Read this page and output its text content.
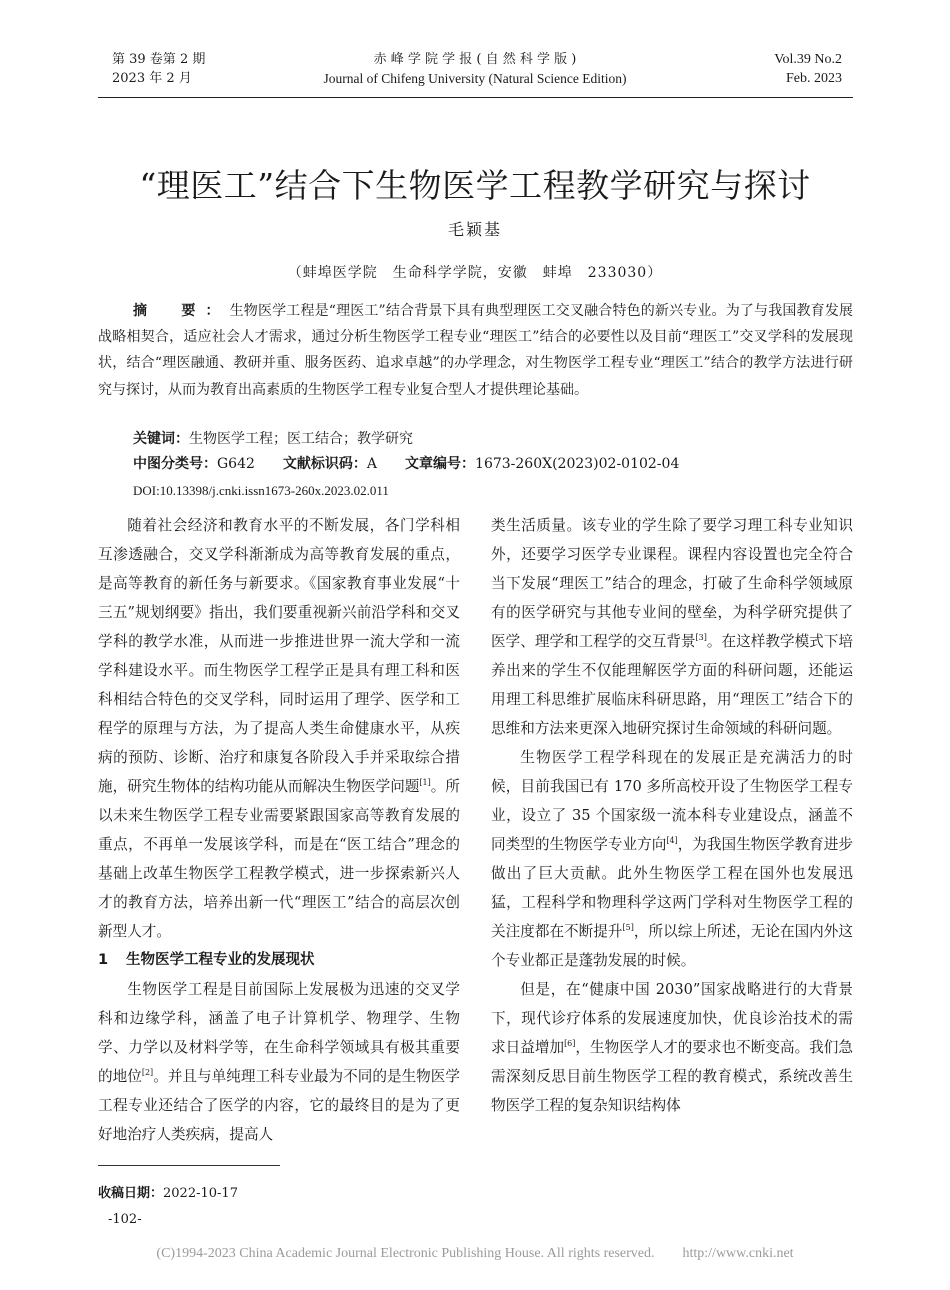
第 39 卷第 2 期
2023 年 2 月
赤 峰 学 院 学 报 ( 自 然 科 学 版 )
Journal of Chifeng University (Natural Science Edition)
Vol.39 No.2
Feb. 2023
“理医工”结合下生物医学工程教学研究与探讨
毛颖基
（蚌埠医学院　生命科学学院，安徽　蚌埠　233030）

摘　要：生物医学工程是“理医工”结合背景下具有典型理医工交叉融合特色的新兴专业。为了与我国教育发展战略相契合，适应社会人才需求，通过分析生物医学工程专业“理医工”结合的必要性以及目前“理医工”交叉学科的发展现状，结合“理医融通、教研并重、服务医药、追求卓越”的办学理念，对生物医学工程专业“理医工”结合的教学方法进行研究与探讨，从而为教育出高素质的生物医学工程专业复合型人才提供理论基础。

关键词：生物医学工程；医工结合；教学研究
中图分类号：G642 文献标识码：A 文章编号：1673-260X(2023)02-0102-04
DOI:10.13398/j.cnki.issn1673-260x.2023.02.011

随着社会经济和教育水平的不断发展，各门学科相互渗透融合，交叉学科渐渐成为高等教育发展的重点，是高等教育的新任务与新要求。《国家教育事业发展“十三五”规划纲要》指出，我们要重视新兴前沿学科和交叉学科的教学水准，从而进一步推进世界一流大学和一流学科建设水平。而生物医学工程学正是具有理工科和医科相结合特色的交叉学科，同时运用了理学、医学和工程学的原理与方法，为了提高人类生命健康水平，从疾病的预防、诊断、治疗和康复各阶段入手并采取综合措施，研究生物体的结构功能从而解决生物医学问题[1]。所以未来生物医学工程专业需要紧跟国家高等教育发展的重点，不再单一发展该学科，而是在“医工结合”理念的基础上改革生物医学工程教学模式，进一步探索新兴人才的教育方法，培养出新一代“理医工”结合的高层次创新型人才。

1 生物医学工程专业的发展现状

生物医学工程是目前国际上发展极为迅速的交叉学科和边缘学科，涵盖了电子计算机学、物理学、生物学、力学以及材料学等，在生命科学领域具有极其重要的地位[2]。并且与单纯理工科专业最为不同的是生物医学工程专业还结合了医学的内容，它的最终目的是为了更好地治疗人类疾病，提高人

类生活质量。该专业的学生除了要学习理工科专业知识外，还要学习医学专业课程。课程内容设置也完全符合当下发展“理医工”结合的理念，打破了生命科学领域原有的医学研究与其他专业间的壁垒，为科学研究提供了医学、理学和工程学的交互背景[3]。在这样教学模式下培养出来的学生不仅能理解医学方面的科研问题，还能运用理工科思维扩展临床科研思路，用“理医工”结合下的思维和方法来更深入地研究探讨生命领域的科研问题。

生物医学工程学科现在的发展正是充满活力的时候，目前我国已有 170 多所高校开设了生物医学工程专业，设立了 35 个国家级一流本科专业建设点，涵盖不同类型的生物医学专业方向[4]，为我国生物医学教育进步做出了巨大贡献。此外生物医学工程在国外也发展迅猛，工程科学和物理科学这两门学科对生物医学工程的关注度都在不断提升[5]，所以综上所述，无论在国内外这个专业都正是蓬勃发展的时候。

但是，在“健康中国 2030”国家战略进行的大背景下，现代诊疗体系的发展速度加快，优良诊治技术的需求日益增加[6]，生物医学人才的要求也不断变高。我们急需深刻反思目前生物医学工程的教育模式，系统改善生物医学工程的复杂知识结构体

收稿日期：2022-10-17
-102-
(C)1994-2023 China Academic Journal Electronic Publishing House. All rights reserved.　　http://www.cnki.net
